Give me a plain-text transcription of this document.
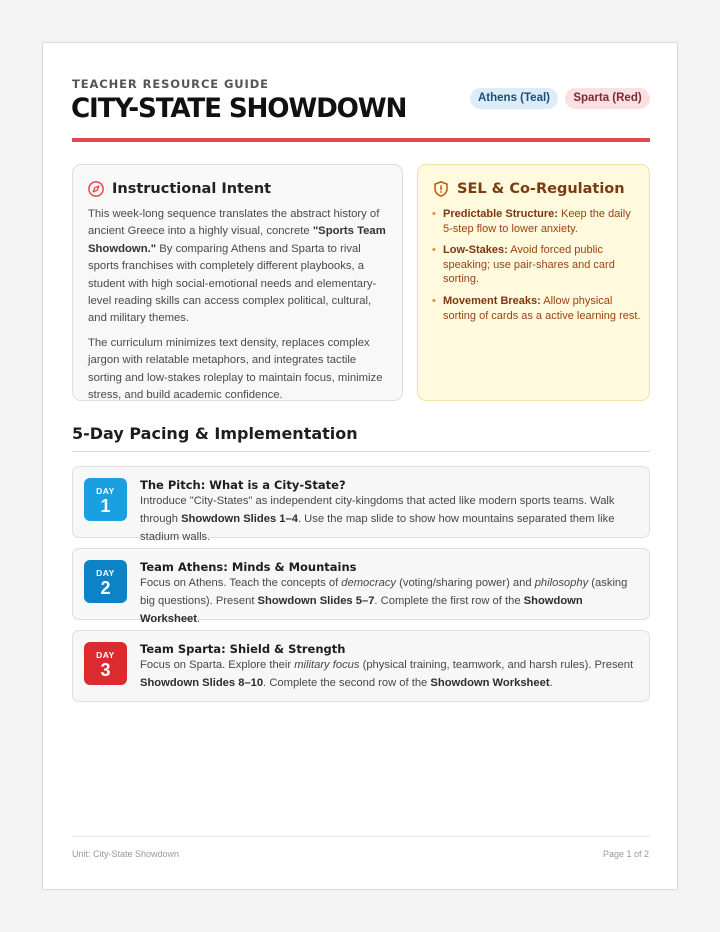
TEACHER RESOURCE GUIDE
CITY-STATE SHOWDOWN	Athens (Teal)	Sparta (Red)
Instructional Intent

This week-long sequence translates the abstract history of ancient Greece into a highly visual, concrete "Sports Team Showdown." By comparing Athens and Sparta to rival sports franchises with completely different playbooks, a student with high social-emotional needs and elementary-level reading skills can access complex political, cultural, and military themes.

The curriculum minimizes text density, replaces complex jargon with relatable metaphors, and integrates tactile sorting and low-stakes roleplay to maintain focus, minimize stress, and build academic confidence.

SEL & Co-Regulation
• Predictable Structure: Keep the daily 5-step flow to lower anxiety.
• Low-Stakes: Avoid forced public speaking; use pair-shares and card sorting.
• Movement Breaks: Allow physical sorting of cards as a active learning rest.
5-Day Pacing & Implementation
DAY
1
The Pitch: What is a City-State?
Introduce "City-States" as independent city-kingdoms that acted like modern sports teams. Walk through Showdown Slides 1–4. Use the map slide to show how mountains separated them like stadium walls.
DAY
2
Team Athens: Minds & Mountains
Focus on Athens. Teach the concepts of democracy (voting/sharing power) and philosophy (asking big questions). Present Showdown Slides 5–7. Complete the first row of the Showdown Worksheet.
DAY
3
Team Sparta: Shield & Strength
Focus on Sparta. Explore their military focus (physical training, teamwork, and harsh rules). Present Showdown Slides 8–10. Complete the second row of the Showdown Worksheet.
Unit: City-State Showdown	Page 1 of 2
